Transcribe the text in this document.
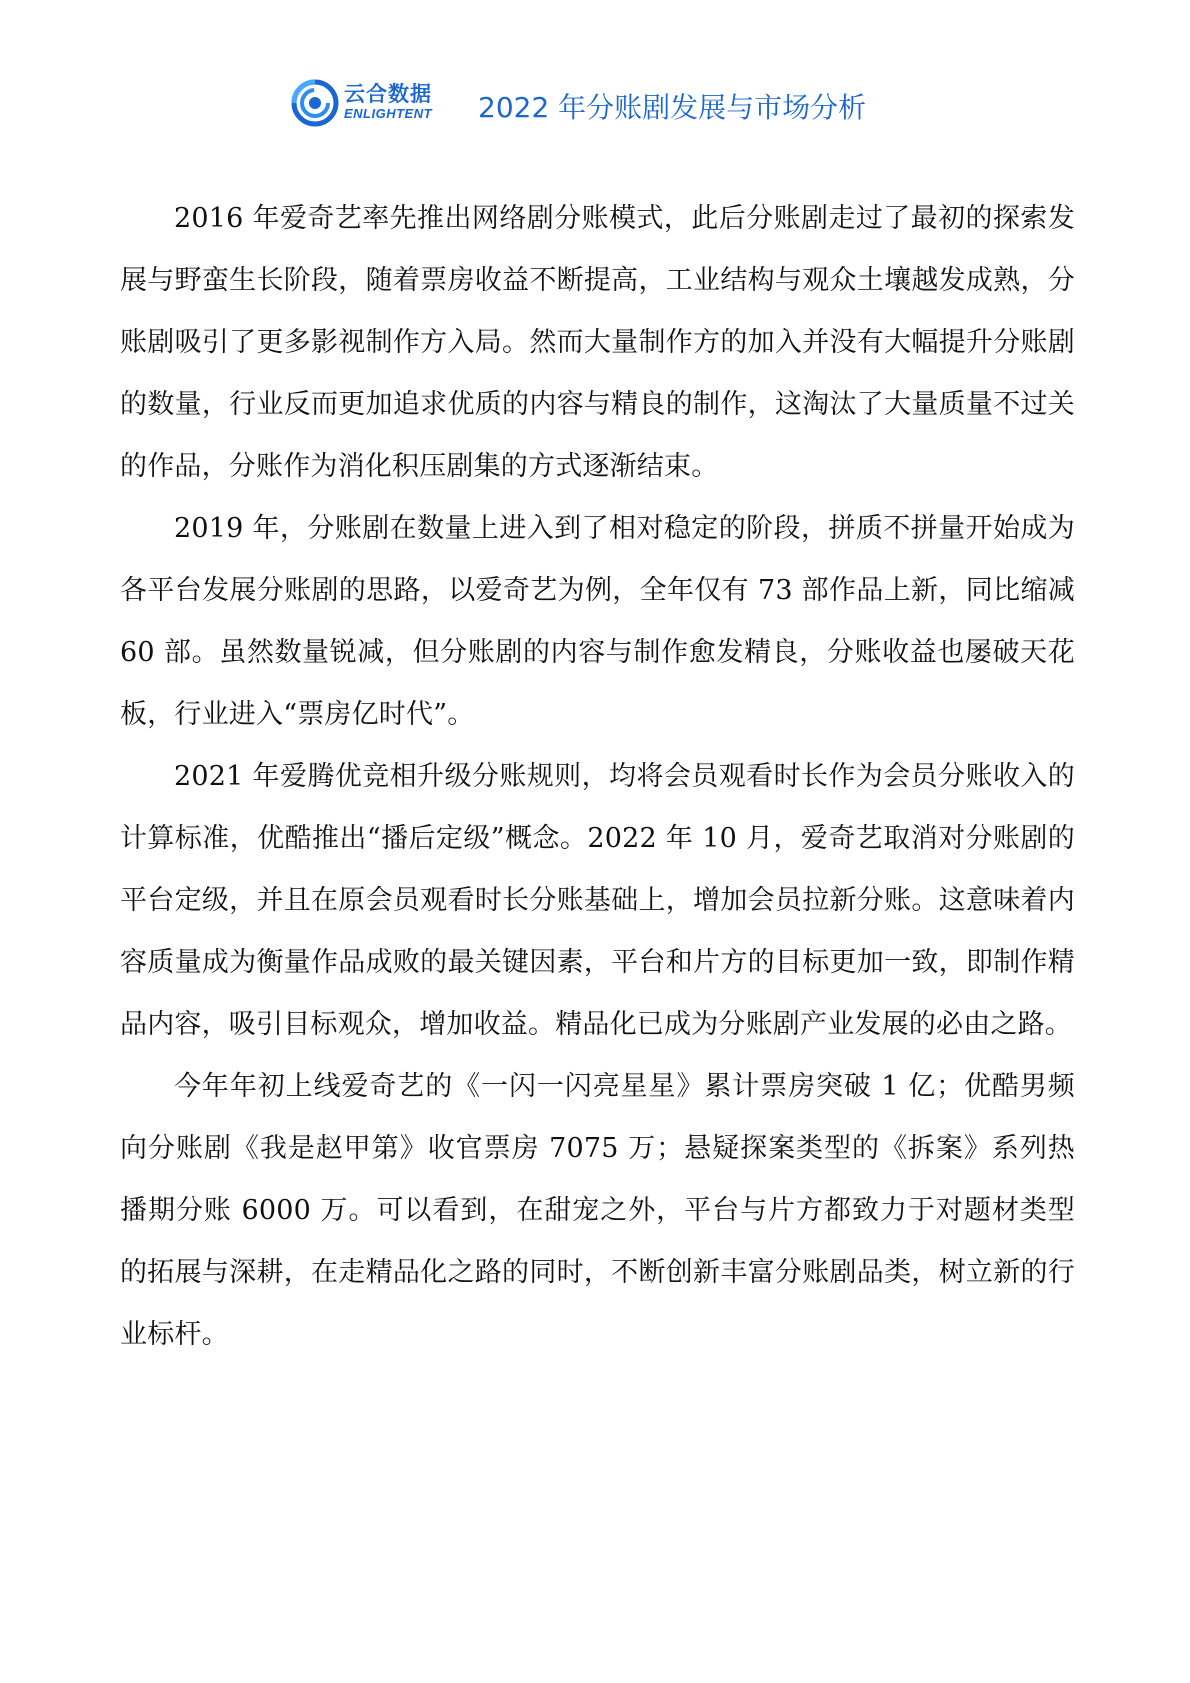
云合数据
ENLIGHTENT 2022 年分账剧发展与市场分析

2016 年爱奇艺率先推出网络剧分账模式，此后分账剧走过了最初的探索发展与野蛮生长阶段，随着票房收益不断提高，工业结构与观众土壤越发成熟，分账剧吸引了更多影视制作方入局。然而大量制作方的加入并没有大幅提升分账剧的数量，行业反而更加追求优质的内容与精良的制作，这淘汰了大量质量不过关的作品，分账作为消化积压剧集的方式逐渐结束。

2019 年，分账剧在数量上进入到了相对稳定的阶段，拼质不拼量开始成为各平台发展分账剧的思路，以爱奇艺为例，全年仅有 73 部作品上新，同比缩减 60 部。虽然数量锐减，但分账剧的内容与制作愈发精良，分账收益也屡破天花板，行业进入“票房亿时代”。

2021 年爱腾优竞相升级分账规则，均将会员观看时长作为会员分账收入的计算标准，优酷推出“播后定级”概念。2022 年 10 月，爱奇艺取消对分账剧的平台定级，并且在原会员观看时长分账基础上，增加会员拉新分账。这意味着内容质量成为衡量作品成败的最关键因素，平台和片方的目标更加一致，即制作精品内容，吸引目标观众，增加收益。精品化已成为分账剧产业发展的必由之路。

今年年初上线爱奇艺的《一闪一闪亮星星》累计票房突破 1 亿；优酷男频向分账剧《我是赵甲第》收官票房 7075 万；悬疑探案类型的《拆案》系列热播期分账 6000 万。可以看到，在甜宠之外，平台与片方都致力于对题材类型的拓展与深耕，在走精品化之路的同时，不断创新丰富分账剧品类，树立新的行业标杆。
